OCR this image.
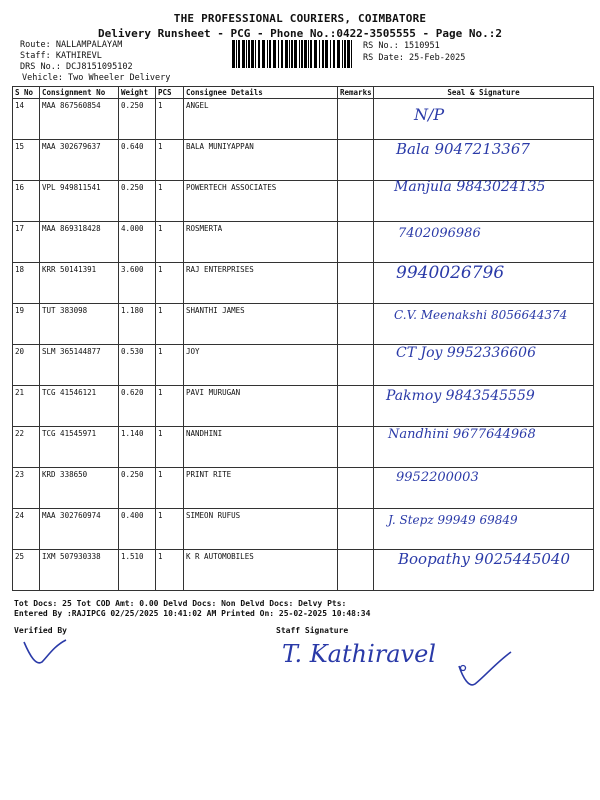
THE PROFESSIONAL COURIERS, COIMBATORE
Delivery Runsheet - PCG - Phone No.:0422-3505555 - Page No.:2
Route: NALLAMPALAYAM
Staff: KATHIREVL
DRS No.: DCJ8151095102
Vehicle: Two Wheeler Delivery
RS No.: 1510951
RS Date: 25-Feb-2025
S No	Consignment No	Weight	PCS	Consignee Details	Remarks	Seal & Signature
14	MAA 867560854	0.250	1	ANGEL		N/P

15	MAA 302679637	0.640	1	BALA MUNIYAPPAN		Bala 9047213367

16	VPL 949811541	0.250	1	POWERTECH ASSOCIATES		Manjula 9843024135

17	MAA 869318428	4.000	1	ROSMERTA		7402096986

18	KRR 50141391	3.600	1	RAJ ENTERPRISES		9940026796

19	TUT 383098	1.180	1	SHANTHI JAMES		C.V. Meenakshi 8056644374

20	SLM 365144877	0.530	1	JOY		CT Joy 9952336606

21	TCG 41546121	0.620	1	PAVI MURUGAN		Pakmoy 9843545559

22	TCG 41545971	1.140	1	NANDHINI		Nandhini 9677644968

23	KRD 338650	0.250	1	PRINT RITE		9952200003

24	MAA 302760974	0.400	1	SIMEON RUFUS		J. Stepz 99949 69849

25	IXM 507930338	1.510	1	K R AUTOMOBILES		Boopathy 9025445040
Tot Docs: 25 Tot COD Amt: 0.00 Delvd Docs: Non Delvd Docs: Delvy Pts:
Entered By :RAJIPCG 02/25/2025 10:41:02 AM Printed On: 25-02-2025 10:48:34
Verified By	Staff Signature
T. Kathiravel
